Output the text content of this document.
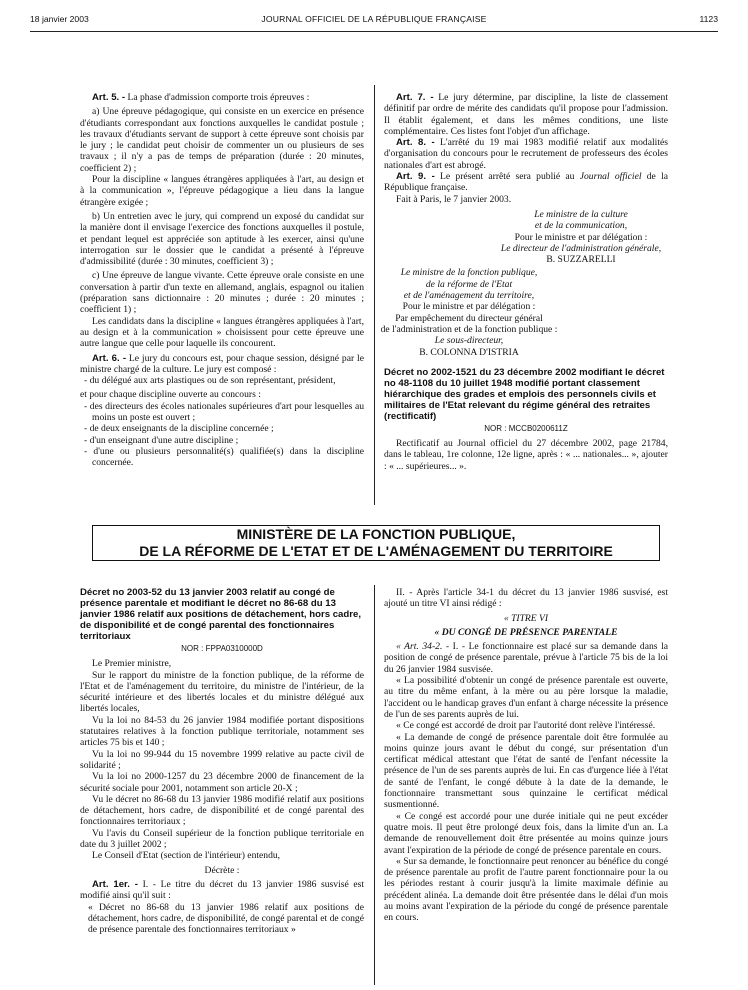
18 janvier 2003	JOURNAL OFFICIEL DE LA RÉPUBLIQUE FRANÇAISE	1123

Art. 5. - La phase d'admission comporte trois épreuves :

a) Une épreuve pédagogique, qui consiste en un exercice en présence d'étudiants correspondant aux fonctions auxquelles le candidat postule ; les travaux d'étudiants servant de support à cette épreuve sont choisis par le jury ; le candidat peut choisir de commenter un ou plusieurs de ses travaux ; il n'y a pas de temps de préparation (durée : 20 minutes, coefficient 2) ;

Pour la discipline « langues étrangères appliquées à l'art, au design et à la communication », l'épreuve pédagogique a lieu dans la langue étrangère exigée ;

b) Un entretien avec le jury, qui comprend un exposé du candidat sur la manière dont il envisage l'exercice des fonctions auxquelles il postule, et pendant lequel est appréciée son aptitude à les exercer, ainsi qu'une interrogation sur le dossier que le candidat a présenté à l'épreuve d'admissibilité (durée : 30 minutes, coefficient 3) ;

c) Une épreuve de langue vivante. Cette épreuve orale consiste en une conversation à partir d'un texte en allemand, anglais, espagnol ou italien (préparation sans dictionnaire : 20 minutes ; durée : 20 minutes ; coefficient 1) ;

Les candidats dans la discipline « langues étrangères appliquées à l'art, au design et à la communication » choisissent pour cette épreuve une autre langue que celle pour laquelle ils concourent.

Art. 6. - Le jury du concours est, pour chaque session, désigné par le ministre chargé de la culture. Le jury est composé :

- du délégué aux arts plastiques ou de son représentant, président,

et pour chaque discipline ouverte au concours :

- des directeurs des écoles nationales supérieures d'art pour lesquelles au moins un poste est ouvert ;

- de deux enseignants de la discipline concernée ;

- d'un enseignant d'une autre discipline ;

- d'une ou plusieurs personnalité(s) qualifiée(s) dans la discipline concernée.

Art. 7. - Le jury détermine, par discipline, la liste de classement définitif par ordre de mérite des candidats qu'il propose pour l'admission. Il établit également, et dans les mêmes conditions, une liste complémentaire. Ces listes font l'objet d'un affichage.

Art. 8. - L'arrêté du 19 mai 1983 modifié relatif aux modalités d'organisation du concours pour le recrutement de professeurs des écoles nationales d'art est abrogé.

Art. 9. - Le présent arrêté sera publié au Journal officiel de la République française.

Fait à Paris, le 7 janvier 2003.

Le ministre de la culture
et de la communication,
Pour le ministre et par délégation :
Le directeur de l'administration générale,
B. SUZZARELLI
Le ministre de la fonction publique,
de la réforme de l'Etat
et de l'aménagement du territoire,
Pour le ministre et par délégation :
Par empêchement du directeur général
de l'administration et de la fonction publique :
Le sous-directeur,
B. COLONNA D'ISTRIA

Décret no 2002-1521 du 23 décembre 2002 modifiant le décret no 48-1108 du 10 juillet 1948 modifié portant classement hiérarchique des grades et emplois des personnels civils et militaires de l'Etat relevant du régime général des retraites (rectificatif)

NOR : MCCB0200611Z

Rectificatif au Journal officiel du 27 décembre 2002, page 21784, dans le tableau, 1re colonne, 12e ligne, après : « ... nationales... », ajouter : « ... supérieures... ».

MINISTÈRE DE LA FONCTION PUBLIQUE,
DE LA RÉFORME DE L'ETAT ET DE L'AMÉNAGEMENT DU TERRITOIRE

Décret no 2003-52 du 13 janvier 2003 relatif au congé de présence parentale et modifiant le décret no 86-68 du 13 janvier 1986 relatif aux positions de détachement, hors cadre, de disponibilité et de congé parental des fonctionnaires territoriaux

NOR : FPPA0310000D

Le Premier ministre,

Sur le rapport du ministre de la fonction publique, de la réforme de l'Etat et de l'aménagement du territoire, du ministre de l'intérieur, de la sécurité intérieure et des libertés locales et du ministre délégué aux libertés locales,

Vu la loi no 84-53 du 26 janvier 1984 modifiée portant dispositions statutaires relatives à la fonction publique territoriale, notamment ses articles 75 bis et 140 ;

Vu la loi no 99-944 du 15 novembre 1999 relative au pacte civil de solidarité ;

Vu la loi no 2000-1257 du 23 décembre 2000 de financement de la sécurité sociale pour 2001, notamment son article 20-X ;

Vu le décret no 86-68 du 13 janvier 1986 modifié relatif aux positions de détachement, hors cadre, de disponibilité et de congé parental des fonctionnaires territoriaux ;

Vu l'avis du Conseil supérieur de la fonction publique territoriale en date du 3 juillet 2002 ;

Le Conseil d'Etat (section de l'intérieur) entendu,

Décrète :

Art. 1er. - I. - Le titre du décret du 13 janvier 1986 susvisé est modifié ainsi qu'il suit :

« Décret no 86-68 du 13 janvier 1986 relatif aux positions de détachement, hors cadre, de disponibilité, de congé parental et de congé de présence parentale des fonctionnaires territoriaux »

II. - Après l'article 34-1 du décret du 13 janvier 1986 susvisé, est ajouté un titre VI ainsi rédigé :

« TITRE VI

« DU CONGÉ DE PRÉSENCE PARENTALE

« Art. 34-2. - I. - Le fonctionnaire est placé sur sa demande dans la position de congé de présence parentale, prévue à l'article 75 bis de la loi du 26 janvier 1984 susvisée.

« La possibilité d'obtenir un congé de présence parentale est ouverte, au titre du même enfant, à la mère ou au père lorsque la maladie, l'accident ou le handicap graves d'un enfant à charge nécessite la présence de l'un de ses parents auprès de lui.

« Ce congé est accordé de droit par l'autorité dont relève l'intéressé.

« La demande de congé de présence parentale doit être formulée au moins quinze jours avant le début du congé, sur présentation d'un certificat médical attestant que l'état de santé de l'enfant nécessite la présence de l'un de ses parents auprès de lui. En cas d'urgence liée à l'état de santé de l'enfant, le congé débute à la date de la demande, le fonctionnaire transmettant sous quinzaine le certificat médical susmentionné.

« Ce congé est accordé pour une durée initiale qui ne peut excéder quatre mois. Il peut être prolongé deux fois, dans la limite d'un an. La demande de renouvellement doit être présentée au moins quinze jours avant l'expiration de la période de congé de présence parentale en cours.

« Sur sa demande, le fonctionnaire peut renoncer au bénéfice du congé de présence parentale au profit de l'autre parent fonctionnaire pour la ou les périodes restant à courir jusqu'à la limite maximale définie au précédent alinéa. La demande doit être présentée dans le délai d'un mois au moins avant l'expiration de la période du congé de présence parentale en cours.
